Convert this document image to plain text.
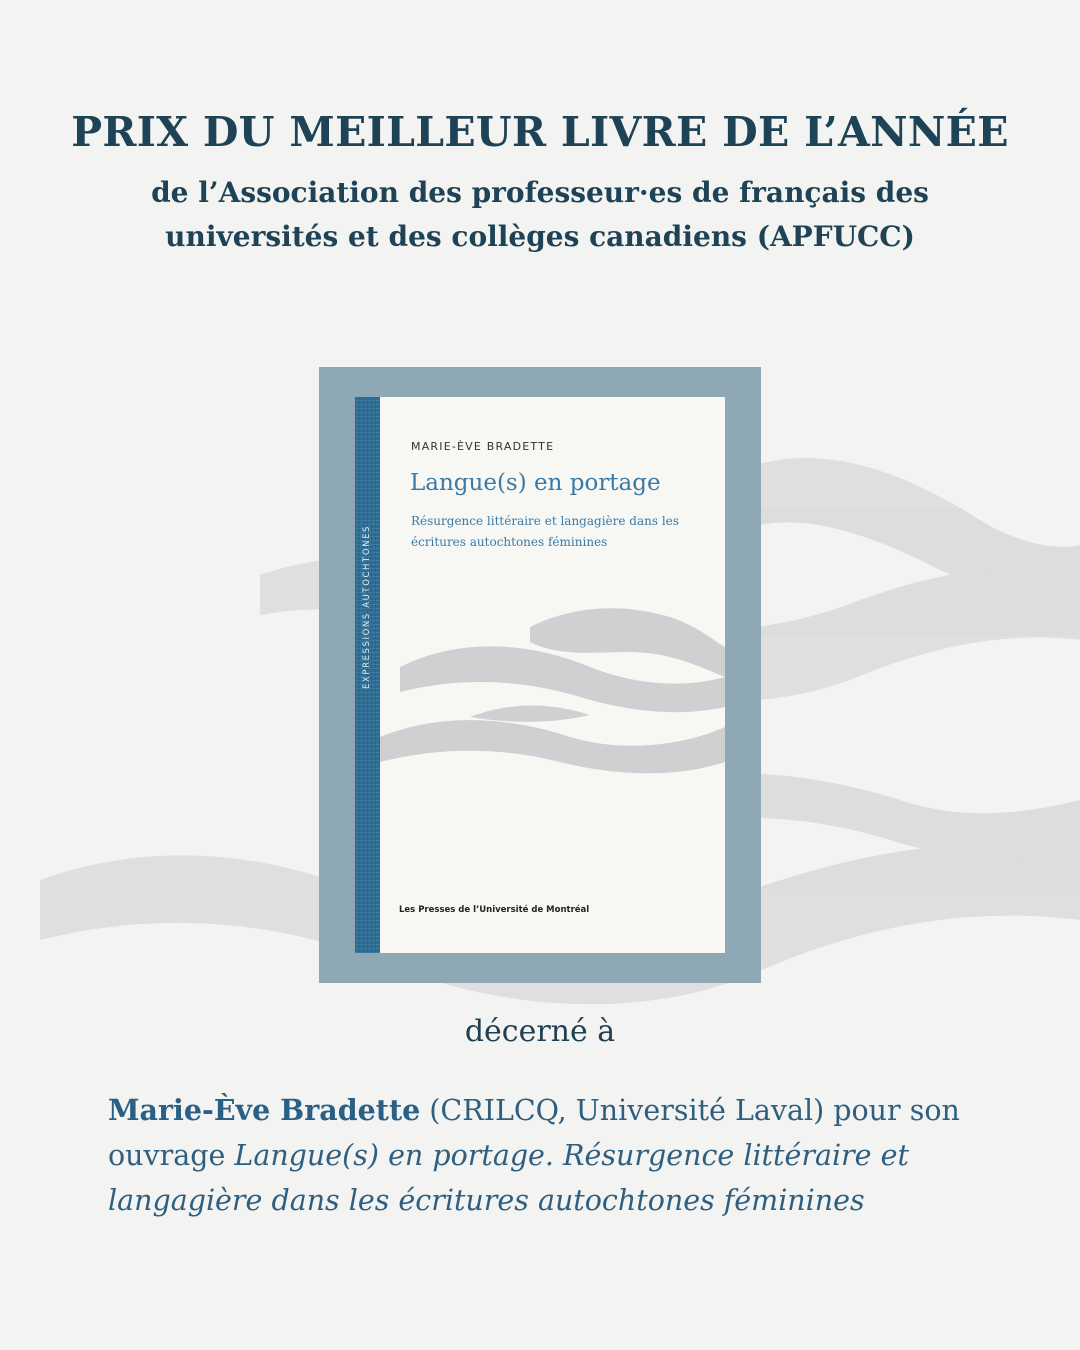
PRIX DU MEILLEUR LIVRE DE L’ANNÉE
de l’Association des professeur·es de français des universités et des collèges canadiens (APFUCC)
EXPRESSIONS AUTOCHTONES
MARIE-ÈVE BRADETTE
Langue(s) en portage
Résurgence littéraire et langagière dans les écritures autochtones féminines
Les Presses de l’Université de Montréal
décerné à
Marie-Ève Bradette (CRILCQ, Université Laval) pour son ouvrage Langue(s) en portage. Résurgence littéraire et langagière dans les écritures autochtones féminines
